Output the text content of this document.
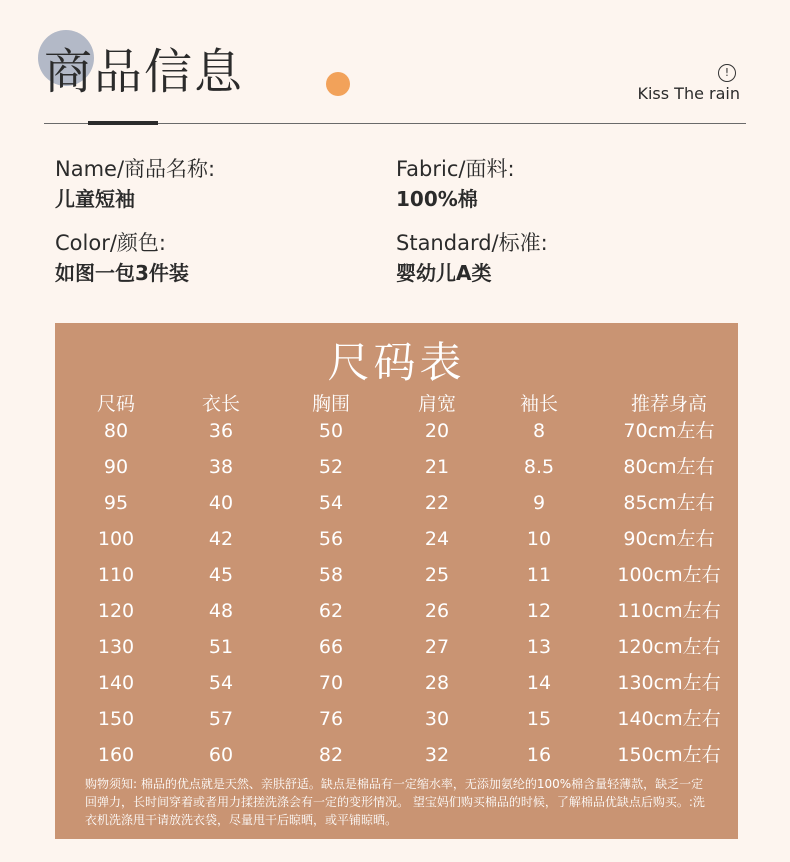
商品信息	!
Kiss The rain
Name/商品名称:
儿童短袖
Fabric/面料:
100%棉
Color/颜色:
如图一包3件装
Standard/标准:
婴幼儿A类
尺码表
尺码	衣长	胸围	肩宽	袖长	推荐身高
80	36	50	20	8	70cm左右
90	38	52	21	8.5	80cm左右
95	40	54	22	9	85cm左右
100	42	56	24	10	90cm左右
110	45	58	25	11	100cm左右
120	48	62	26	12	110cm左右
130	51	66	27	13	120cm左右
140	54	70	28	14	130cm左右
150	57	76	30	15	140cm左右
160	60	82	32	16	150cm左右
购物须知: 棉品的优点就是天然、亲肤舒适。缺点是棉品有一定缩水率，无添加氨纶的100%棉含量轻薄款，缺乏一定回弹力，长时间穿着或者用力揉搓洗涤会有一定的变形情况。 望宝妈们购买棉品的时候，了解棉品优缺点后购买。:洗衣机洗涤甩干请放洗衣袋，尽量甩干后晾晒，或平铺晾晒。
